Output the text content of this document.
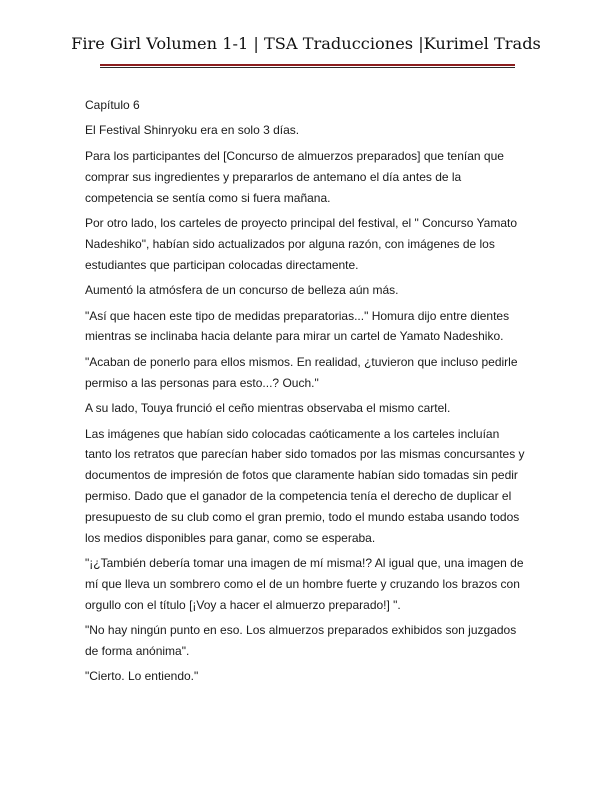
Fire Girl Volumen 1-1 | TSA Traducciones |Kurimel Trads

Capítulo 6

El Festival Shinryoku era en solo 3 días.

Para los participantes del [Concurso de almuerzos preparados] que tenían que
comprar sus ingredientes y prepararlos de antemano el día antes de la
competencia se sentía como si fuera mañana.

Por otro lado, los carteles de proyecto principal del festival, el " Concurso Yamato
Nadeshiko", habían sido actualizados por alguna razón, con imágenes de los
estudiantes que participan colocadas directamente.

Aumentó la atmósfera de un concurso de belleza aún más.

"Así que hacen este tipo de medidas preparatorias..." Homura dijo entre dientes
mientras se inclinaba hacia delante para mirar un cartel de Yamato Nadeshiko.

"Acaban de ponerlo para ellos mismos. En realidad, ¿tuvieron que incluso pedirle
permiso a las personas para esto...? Ouch."

A su lado, Touya frunció el ceño mientras observaba el mismo cartel.

Las imágenes que habían sido colocadas caóticamente a los carteles incluían
tanto los retratos que parecían haber sido tomados por las mismas concursantes y
documentos de impresión de fotos que claramente habían sido tomadas sin pedir
permiso. Dado que el ganador de la competencia tenía el derecho de duplicar el
presupuesto de su club como el gran premio, todo el mundo estaba usando todos
los medios disponibles para ganar, como se esperaba.

"¡¿También debería tomar una imagen de mí misma!? Al igual que, una imagen de
mí que lleva un sombrero como el de un hombre fuerte y cruzando los brazos con
orgullo con el título [¡Voy a hacer el almuerzo preparado!] ".

"No hay ningún punto en eso. Los almuerzos preparados exhibidos son juzgados
de forma anónima".

"Cierto. Lo entiendo."
